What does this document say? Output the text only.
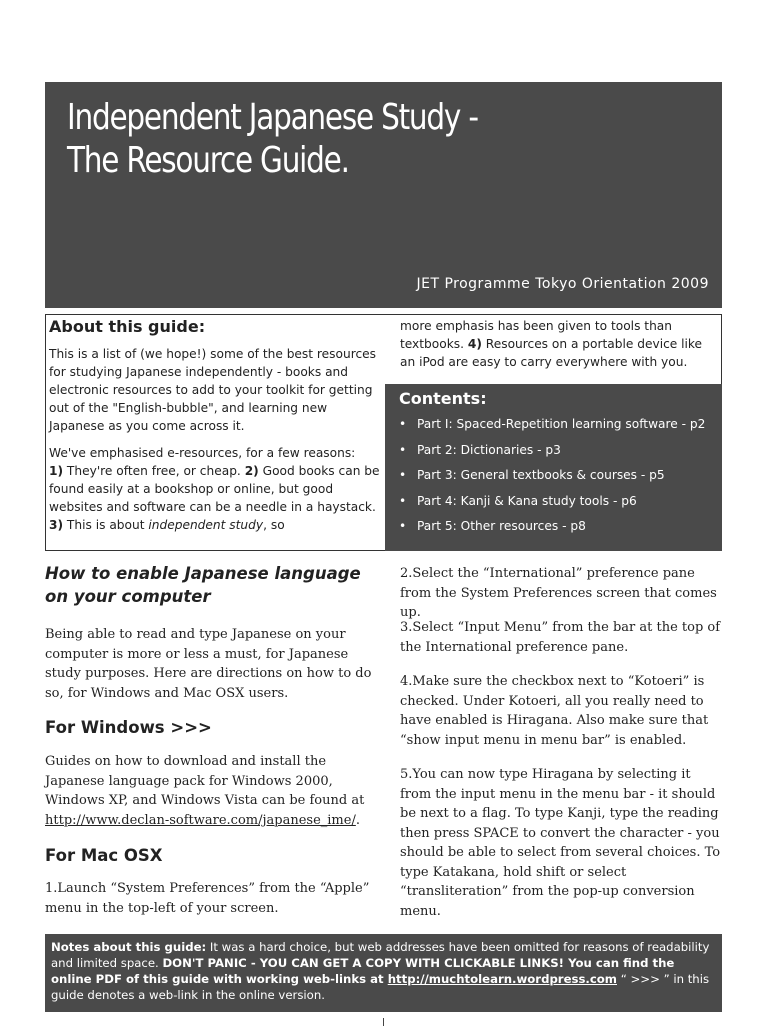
Independent Japanese Study -
The Resource Guide.
JET Programme Tokyo Orientation 2009
About this guide:
This is a list of (we hope!) some of the best resources for studying Japanese independently - books and electronic resources to add to your toolkit for getting out of the "English-bubble", and learning new Japanese as you come across it.
We've emphasised e-resources, for a few reasons:
1) They're often free, or cheap. 2) Good books can be found easily at a bookshop or online, but good websites and software can be a needle in a haystack. 3) This is about independent study, so
more emphasis has been given to tools than textbooks. 4) Resources on a portable device like an iPod are easy to carry everywhere with you.
Contents:
• Part I: Spaced-Repetition learning software - p2
• Part 2: Dictionaries - p3
• Part 3: General textbooks & courses - p5
• Part 4: Kanji & Kana study tools - p6
• Part 5: Other resources - p8
How to enable Japanese language on your computer
Being able to read and type Japanese on your computer is more or less a must, for Japanese study purposes. Here are directions on how to do so, for Windows and Mac OSX users.
For Windows >>>
Guides on how to download and install the Japanese language pack for Windows 2000, Windows XP, and Windows Vista can be found at http://www.declan-software.com/japanese_ime/.
For Mac OSX
1.Launch “System Preferences” from the “Apple” menu in the top-left of your screen.
2.Select the “International” preference pane from the System Preferences screen that comes up.
3.Select “Input Menu” from the bar at the top of the International preference pane.
4.Make sure the checkbox next to “Kotoeri” is checked. Under Kotoeri, all you really need to have enabled is Hiragana. Also make sure that “show input menu in menu bar” is enabled.
5.You can now type Hiragana by selecting it from the input menu in the menu bar - it should be next to a flag. To type Kanji, type the reading then press SPACE to convert the character - you should be able to select from several choices. To type Katakana, hold shift or select “transliteration” from the pop-up conversion menu.
Notes about this guide: It was a hard choice, but web addresses have been omitted for reasons of readability and limited space. DON'T PANIC - YOU CAN GET A COPY WITH CLICKABLE LINKS! You can find the online PDF of this guide with working web-links at http://muchtolearn.wordpress.com “ >>> ” in this guide denotes a web-link in the online version.
